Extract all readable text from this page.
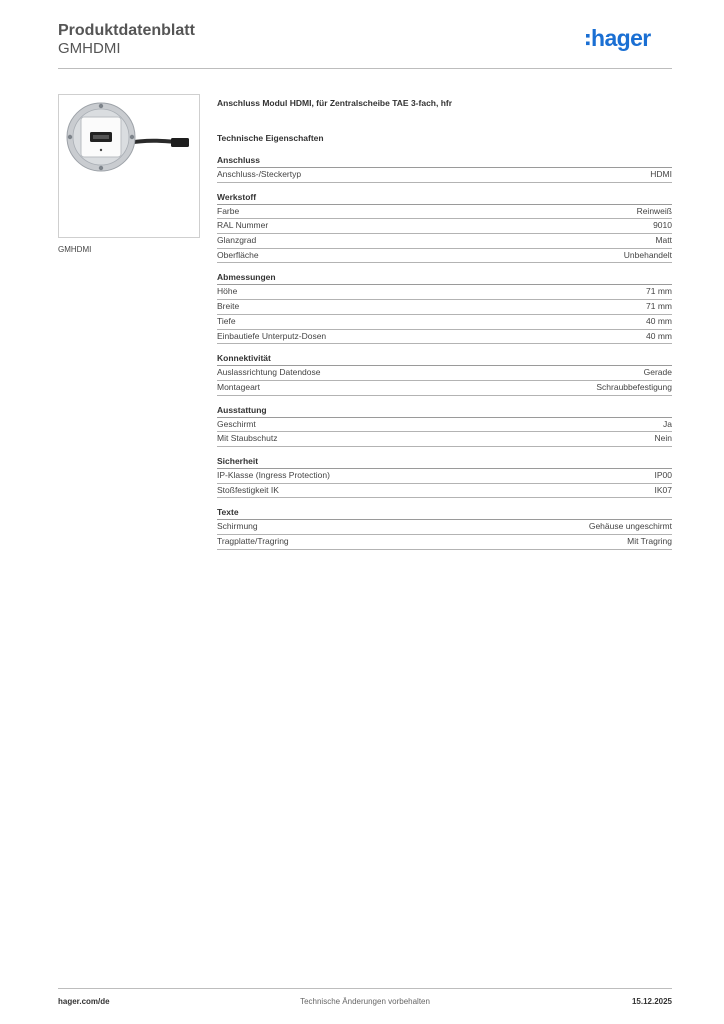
Produktdatenblatt
GMHDMI	hager
GMHDMI
Anschluss Modul HDMI, für Zentralscheibe TAE 3-fach, hfr
Technische Eigenschaften
Anschluss
Anschluss-/Steckertyp	HDMI
Werkstoff
Farbe	Reinweiß
RAL Nummer	9010
Glanzgrad	Matt
Oberfläche	Unbehandelt
Abmessungen
Höhe	71 mm
Breite	71 mm
Tiefe	40 mm
Einbautiefe Unterputz-Dosen	40 mm
Konnektivität
Auslassrichtung Datendose	Gerade
Montageart	Schraubbefestigung
Ausstattung
Geschirmt	Ja
Mit Staubschutz	Nein
Sicherheit
IP-Klasse (Ingress Protection)	IP00
Stoßfestigkeit IK	IK07
Texte
Schirmung	Gehäuse ungeschirmt
Tragplatte/Tragring	Mit Tragring
hager.com/de	Technische Änderungen vorbehalten	15.12.2025
